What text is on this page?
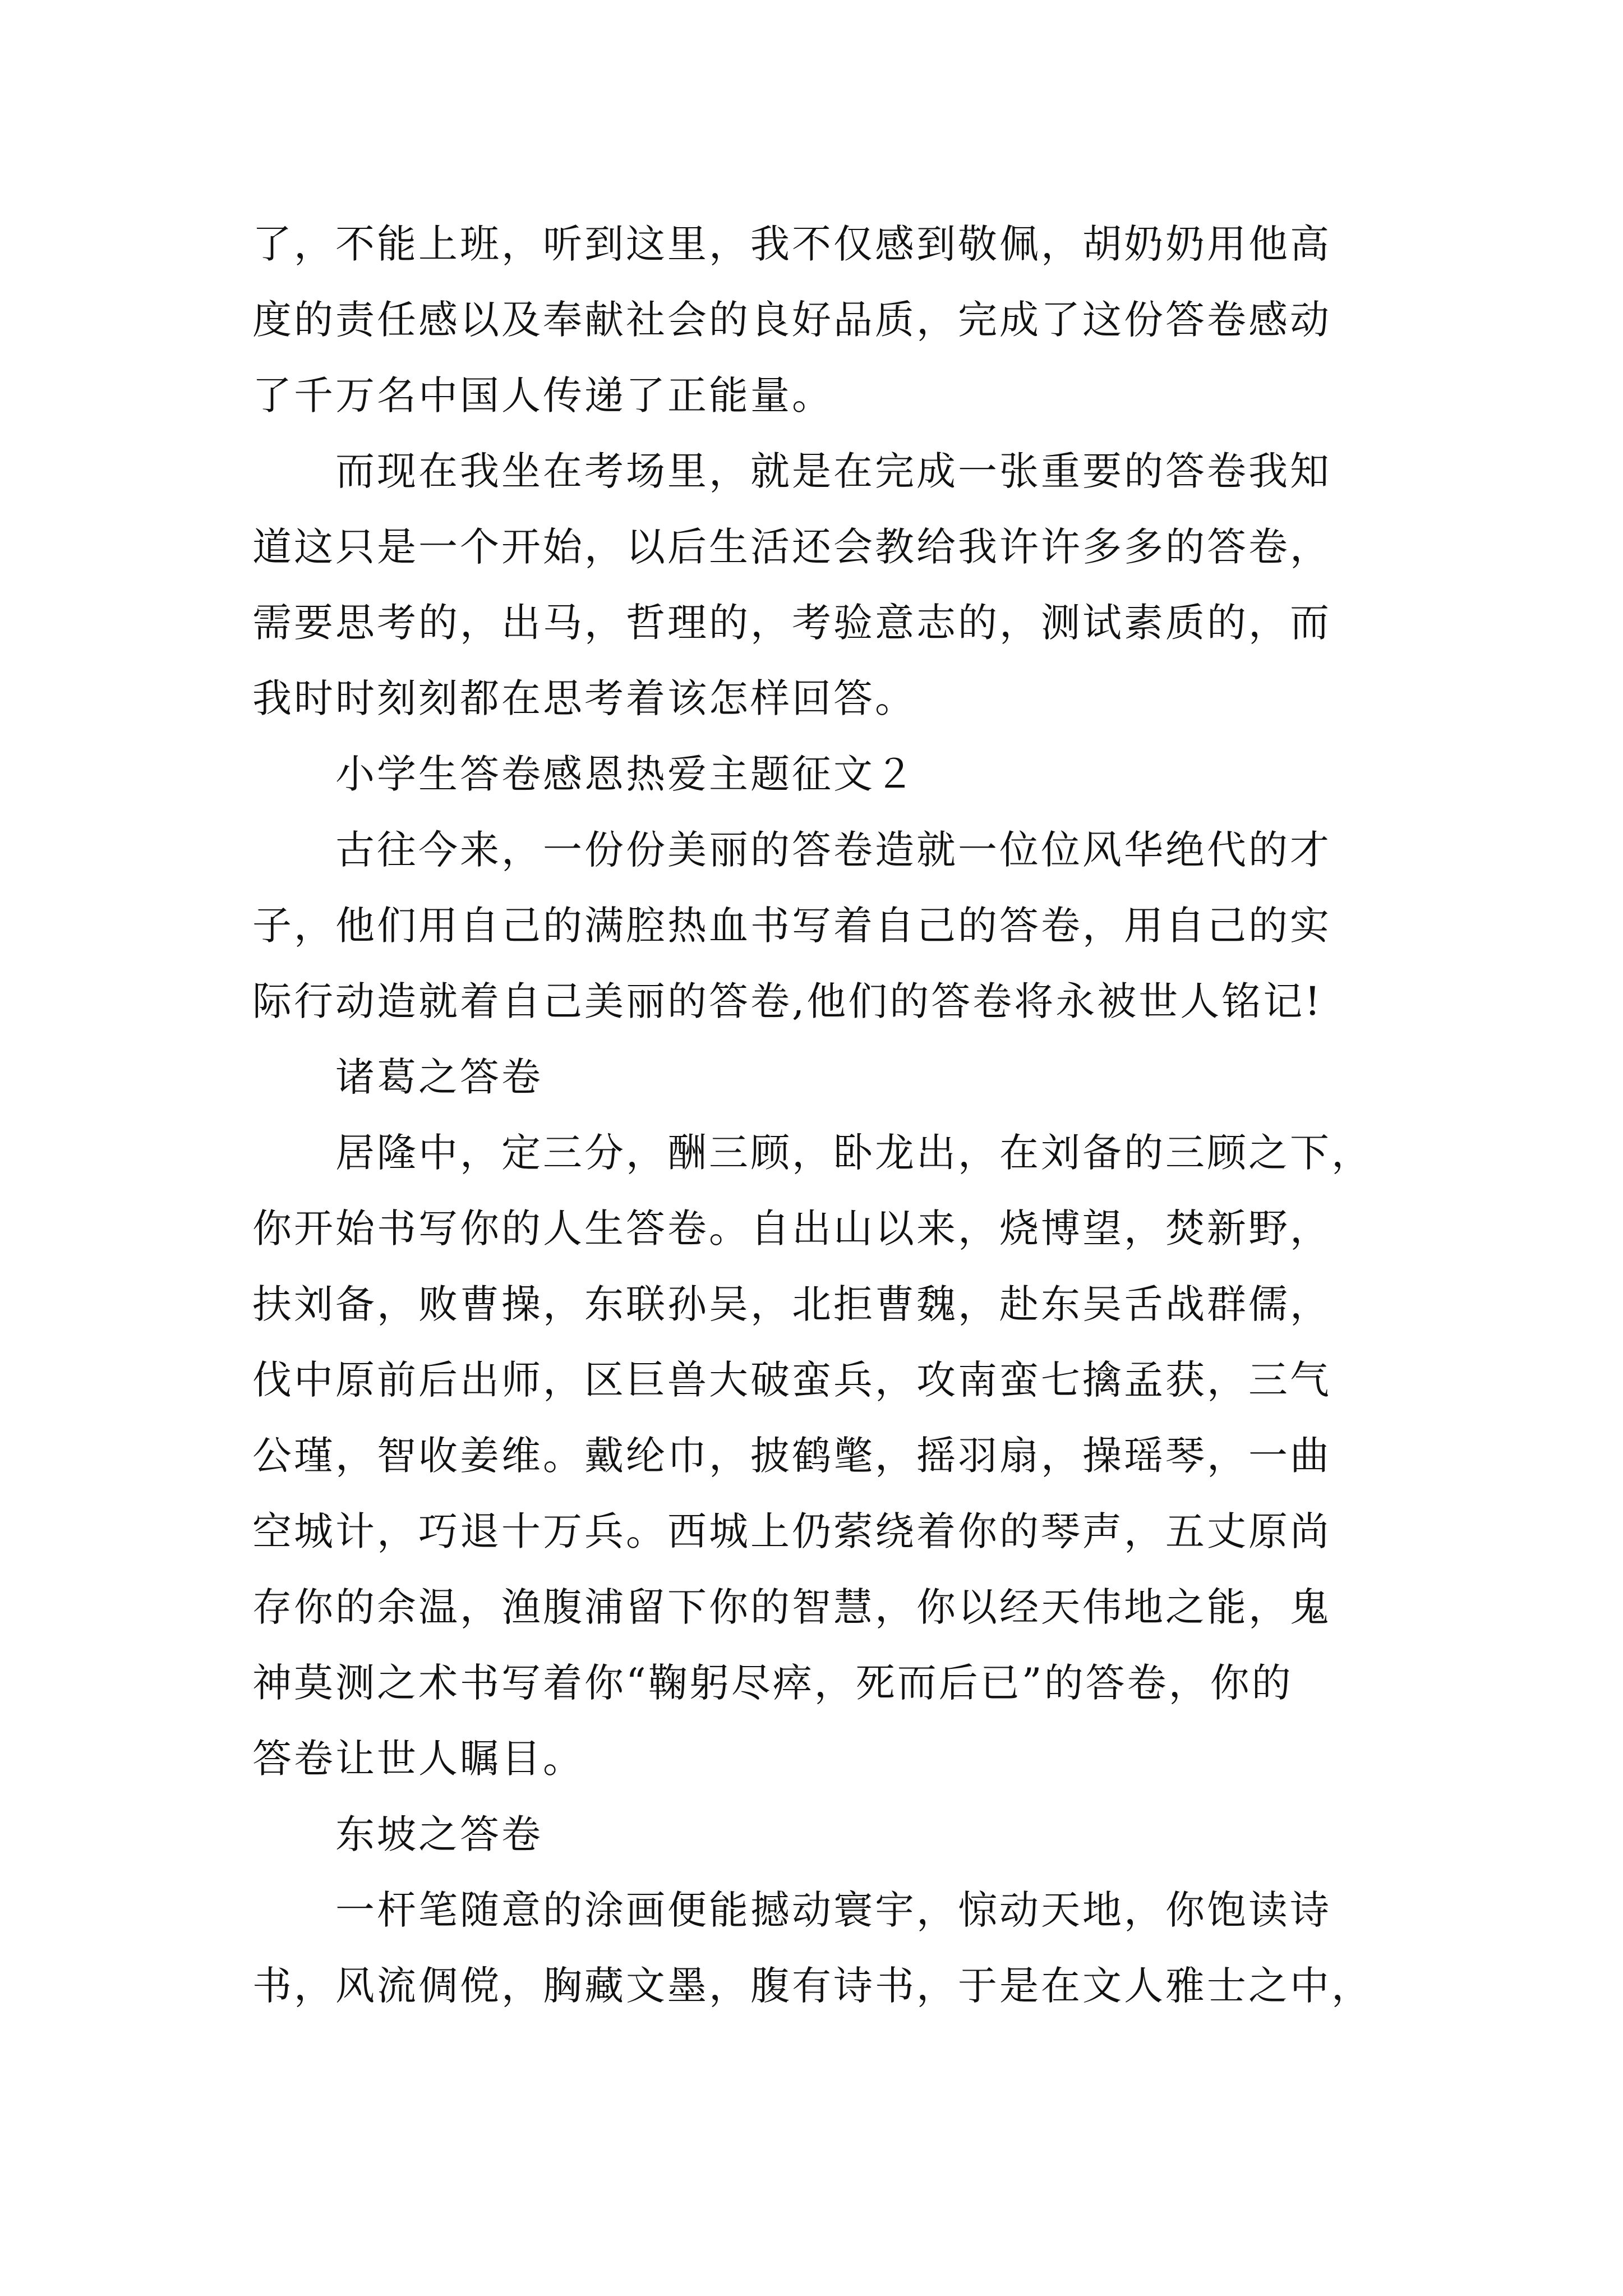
了，不能上班，听到这里，我不仅感到敬佩，胡奶奶用他高
度的责任感以及奉献社会的良好品质，完成了这份答卷感动
了千万名中国人传递了正能量。
而现在我坐在考场里，就是在完成一张重要的答卷我知
道这只是一个开始，以后生活还会教给我许许多多的答卷，
需要思考的，出马，哲理的，考验意志的，测试素质的，而
我时时刻刻都在思考着该怎样回答。
小学生答卷感恩热爱主题征文２
古往今来，一份份美丽的答卷造就一位位风华绝代的才
子，他们用自己的满腔热血书写着自己的答卷，用自己的实
际行动造就着自己美丽的答卷,他们的答卷将永被世人铭记!
诸葛之答卷
居隆中，定三分，酬三顾，卧龙出，在刘备的三顾之下，
你开始书写你的人生答卷。自出山以来，烧博望，焚新野，
扶刘备，败曹操，东联孙吴，北拒曹魏，赴东吴舌战群儒，
伐中原前后出师，区巨兽大破蛮兵，攻南蛮七擒孟获，三气
公瑾，智收姜维。戴纶巾，披鹤氅，摇羽扇，操瑶琴，一曲
空城计，巧退十万兵。西城上仍萦绕着你的琴声，五丈原尚
存你的余温，渔腹浦留下你的智慧，你以经天伟地之能，鬼
神莫测之术书写着你“鞠躬尽瘁，死而后已”的答卷，你的
答卷让世人瞩目。
东坡之答卷
一杆笔随意的涂画便能撼动寰宇，惊动天地，你饱读诗
书，风流倜傥，胸藏文墨，腹有诗书，于是在文人雅士之中，
